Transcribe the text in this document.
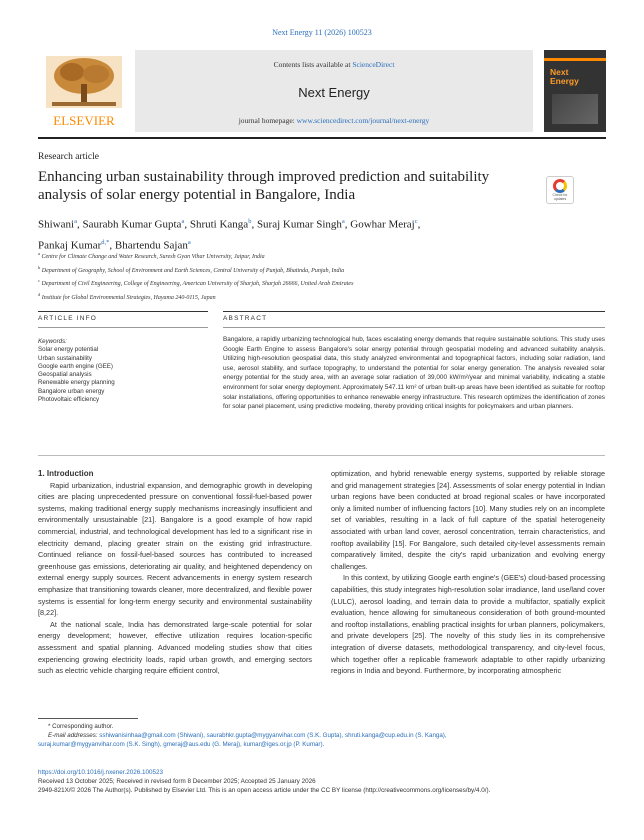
Next Energy 11 (2026) 100523
ELSEVIER
Contents lists available at ScienceDirect
Next Energy
journal homepage: www.sciencedirect.com/journal/next-energy
Next
Energy
Research article
Enhancing urban sustainability through improved prediction and suitability analysis of solar energy potential in Bangalore, India	Check for
updates
Shiwani$^a$, Saurabh Kumar Gupta$^a$, Shruti Kanga$^b$, Suraj Kumar Singh$^a$, Gowhar Meraj$^c$,
Pankaj Kumar$^{d,*}$, Bhartendu Sajan$^a$
$^a$ Centre for Climate Change and Water Research, Suresh Gyan Vihar University, Jaipur, India
$^b$ Department of Geography, School of Environment and Earth Sciences, Central University of Punjab, Bhatinda, Punjab, India
$^c$ Department of Civil Engineering, College of Engineering, American University of Sharjah, Sharjah 26666, United Arab Emirates
$^d$ Institute for Global Environmental Strategies, Hayama 240-0115, Japan
ARTICLE INFO	ABSTRACT
Keywords:
Solar energy potential
Urban sustainability
Google earth engine (GEE)
Geospatial analysis
Renewable energy planning
Bangalore urban energy
Photovoltaic efficiency
Bangalore, a rapidly urbanizing technological hub, faces escalating energy demands that require sustainable solutions. This study uses Google Earth Engine to assess Bangalore's solar energy potential through geospatial modeling and advanced suitability analysis. Utilizing high-resolution geospatial data, this study analyzed environmental and topographical factors, including solar radiation, land use, aerosol stability, and surface topography, to understand the potential for solar energy generation. The analysis revealed solar energy potential for the study area, with an average solar radiation of 39,000 kW/m²/year and minimal variability, indicating a stable environment for solar energy deployment. Approximately 547.11 km² of urban built-up areas have been identified as suitable for rooftop solar installations, offering opportunities to enhance renewable energy infrastructure. This research optimizes the identification of zones for solar panel placement, using predictive modeling, thereby providing critical insights for policymakers and urban planners.

1. Introduction

Rapid urbanization, industrial expansion, and demographic growth in developing cities are placing unprecedented pressure on conventional fossil-fuel-based power systems, making traditional energy supply mechanisms increasingly insufficient and environmentally unsustainable [21]. Bangalore is a good example of how rapid commercial, industrial, and technological development has led to a significant rise in electricity demand, placing greater strain on the existing grid infrastructure. Continued reliance on fossil-fuel-based sources has contributed to increased greenhouse gas emissions, deteriorating air quality, and heightened dependency on external energy supply sources. Recent advancements in energy system research emphasize that transitioning towards cleaner, more decentralized, and flexible power systems is essential for long-term energy security and environmental sustainability [8,22].

At the national scale, India has demonstrated large-scale potential for solar energy development; however, effective utilization requires location-specific assessment and spatial planning. Advanced modeling studies show that cities experiencing growing electricity loads, rapid urban growth, and emerging sectors such as electric vehicle charging require efficient control,

optimization, and hybrid renewable energy systems, supported by reliable storage and grid management strategies [24]. Assessments of solar energy potential in Indian urban regions have been conducted at broad regional scales or have incorporated only a limited number of influencing factors [10]. Many studies rely on an incomplete set of variables, resulting in a lack of full capture of the spatial heterogeneity associated with urban land cover, aerosol concentration, terrain characteristics, and rooftop availability [15]. For Bangalore, such detailed city-level assessments remain comparatively limited, despite the city's rapid urbanization and evolving energy challenges.

In this context, by utilizing Google earth engine's (GEE's) cloud-based processing capabilities, this study integrates high-resolution solar irradiance, land use/land cover (LULC), aerosol loading, and terrain data to provide a multifactor, spatially explicit evaluation, hence allowing for simultaneous consideration of both ground-mounted and rooftop installations, enabling practical insights for urban planners, policymakers, and private developers [25]. The novelty of this study lies in its comprehensive integration of diverse datasets, methodological transparency, and city-level focus, which together offer a replicable framework adaptable to other rapidly urbanizing regions in India and beyond. Furthermore, by incorporating atmospheric

* Corresponding author.
E-mail addresses: sshiwanisinhaa@gmail.com (Shiwani), saurabhkr.gupta@mygyanvihar.com (S.K. Gupta), shruti.kanga@cup.edu.in (S. Kanga),
suraj.kumar@mygyanvihar.com (S.K. Singh), gmeraj@aus.edu (G. Meraj), kumar@iges.or.jp (P. Kumar).
https://doi.org/10.1016/j.nxener.2026.100523
Received 13 October 2025; Received in revised form 8 December 2025; Accepted 25 January 2026
2949-821X/© 2026 The Author(s). Published by Elsevier Ltd. This is an open access article under the CC BY license (http://creativecommons.org/licenses/by/4.0/).
